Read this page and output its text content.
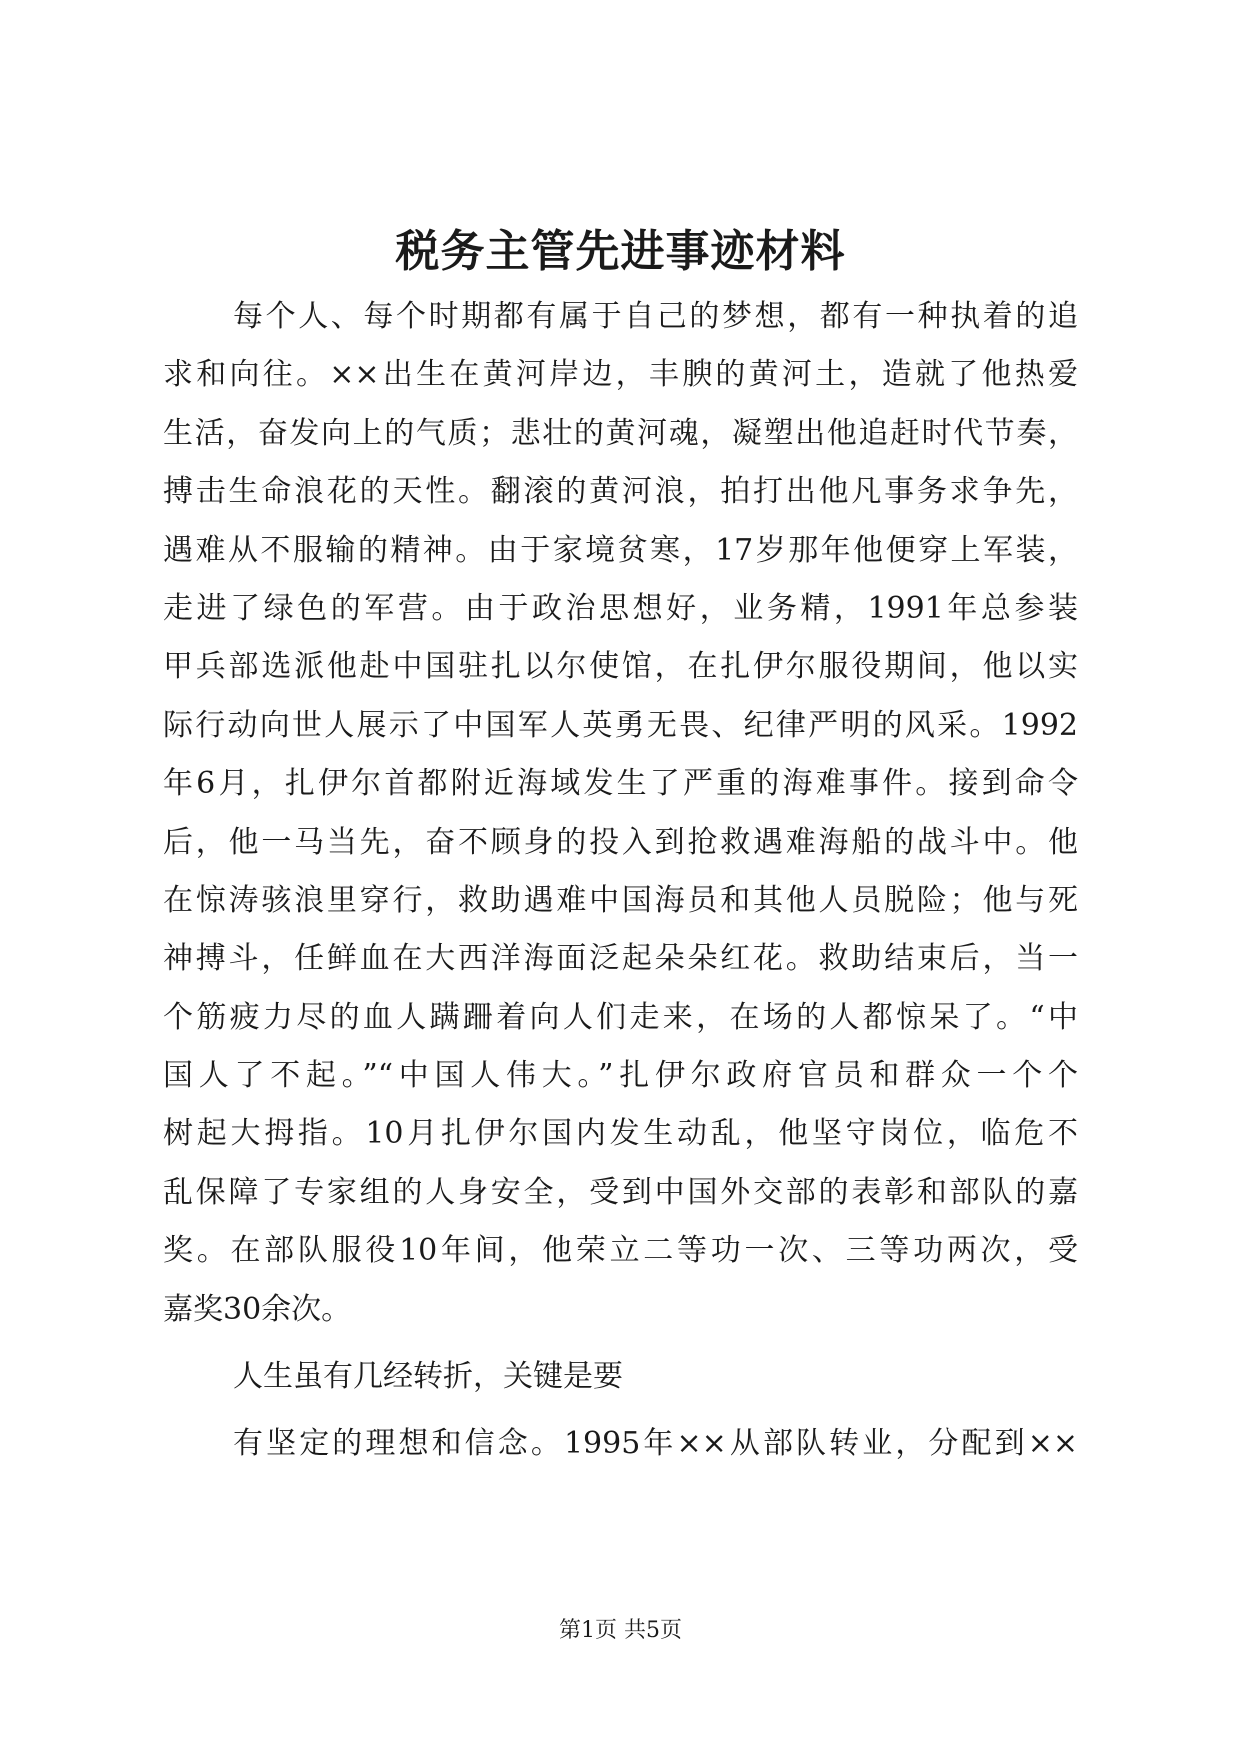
税务主管先进事迹材料
每个人、每个时期都有属于自己的梦想，都有一种执着的追
求和向往。××出生在黄河岸边，丰腴的黄河土，造就了他热爱
生活，奋发向上的气质；悲壮的黄河魂，凝塑出他追赶时代节奏，
搏击生命浪花的天性。翻滚的黄河浪，拍打出他凡事务求争先，
遇难从不服输的精神。由于家境贫寒，17岁那年他便穿上军装，
走进了绿色的军营。由于政治思想好，业务精，1991年总参装
甲兵部选派他赴中国驻扎以尔使馆，在扎伊尔服役期间，他以实
际行动向世人展示了中国军人英勇无畏、纪律严明的风采。1992
年6月，扎伊尔首都附近海域发生了严重的海难事件。接到命令
后，他一马当先，奋不顾身的投入到抢救遇难海船的战斗中。他
在惊涛骇浪里穿行，救助遇难中国海员和其他人员脱险；他与死
神搏斗，任鲜血在大西洋海面泛起朵朵红花。救助结束后，当一
个筋疲力尽的血人蹒跚着向人们走来，在场的人都惊呆了。“中
国人了不起。”“中国人伟大。”扎伊尔政府官员和群众一个个
树起大拇指。10月扎伊尔国内发生动乱，他坚守岗位，临危不
乱保障了专家组的人身安全，受到中国外交部的表彰和部队的嘉
奖。在部队服役10年间，他荣立二等功一次、三等功两次，受
嘉奖30余次。
人生虽有几经转折，关键是要
有坚定的理想和信念。1995年××从部队转业，分配到××
第1页 共5页
